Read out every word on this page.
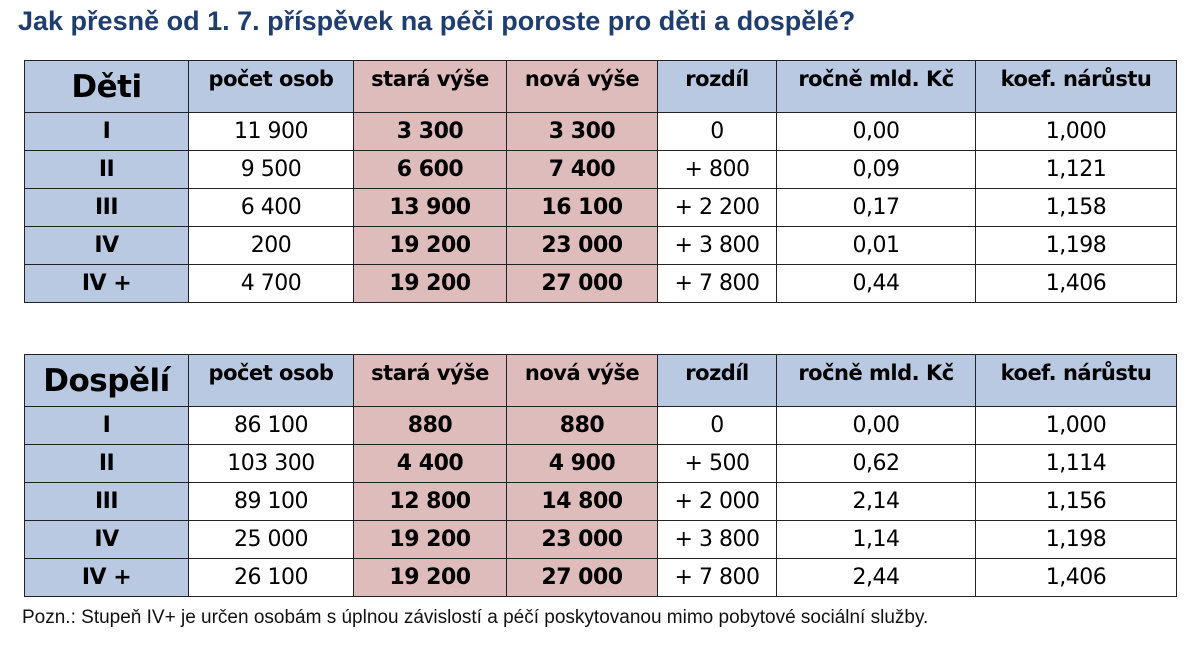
Jak přesně od 1. 7. příspěvek na péči poroste pro děti a dospělé?
Děti	počet osob	stará výše	nová výše	rozdíl	ročně mld. Kč	koef. nárůstu
I	11 900	3 300	3 300	0	0,00	1,000
II	9 500	6 600	7 400	+ 800	0,09	1,121
III	6 400	13 900	16 100	+ 2 200	0,17	1,158
IV	200	19 200	23 000	+ 3 800	0,01	1,198
IV +	4 700	19 200	27 000	+ 7 800	0,44	1,406
Dospělí	počet osob	stará výše	nová výše	rozdíl	ročně mld. Kč	koef. nárůstu
I	86 100	880	880	0	0,00	1,000
II	103 300	4 400	4 900	+ 500	0,62	1,114
III	89 100	12 800	14 800	+ 2 000	2,14	1,156
IV	25 000	19 200	23 000	+ 3 800	1,14	1,198
IV +	26 100	19 200	27 000	+ 7 800	2,44	1,406
Pozn.: Stupeň IV+ je určen osobám s úplnou závislostí a péčí poskytovanou mimo pobytové sociální služby.
